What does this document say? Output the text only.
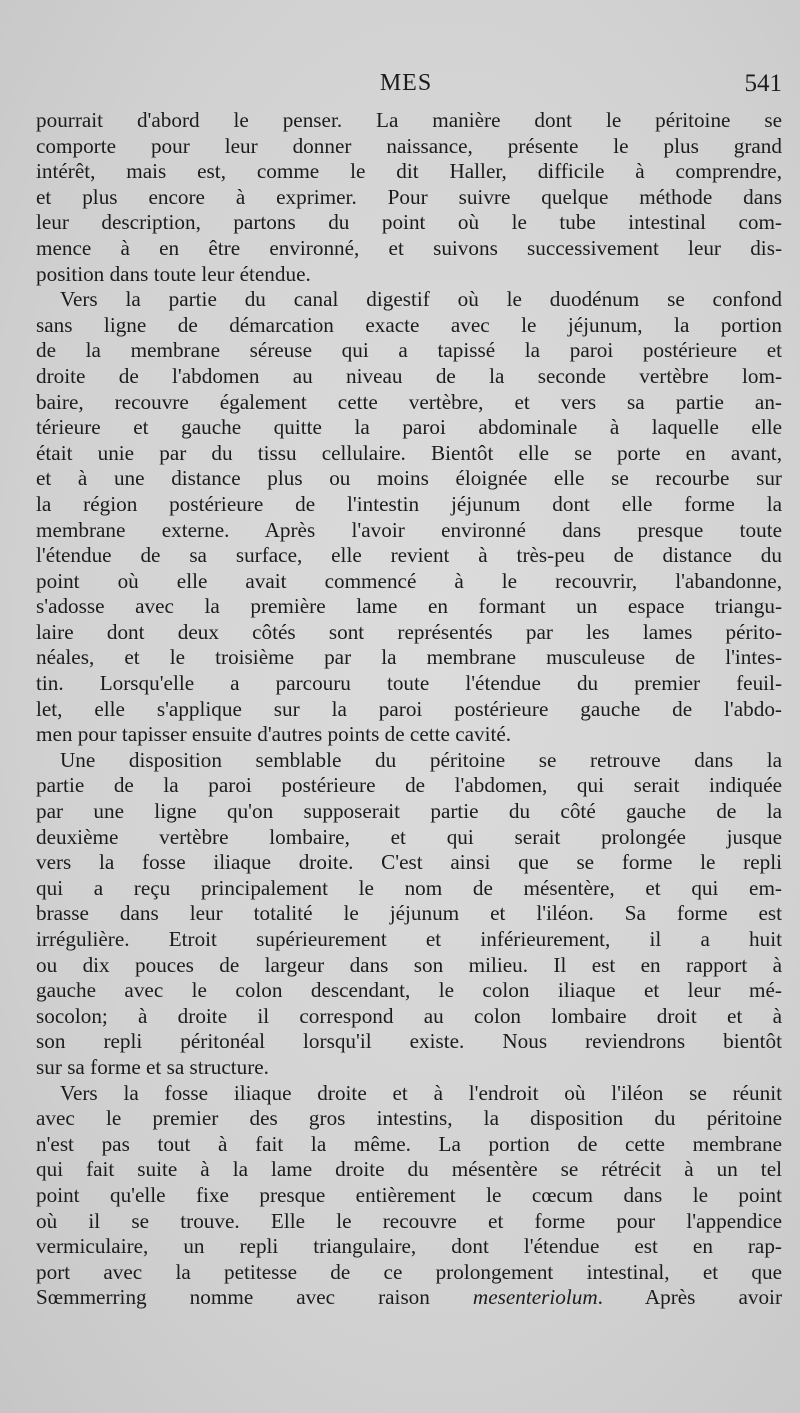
MES	541
pourrait d'abord le penser. La manière dont le péritoine se
comporte pour leur donner naissance, présente le plus grand
intérêt, mais est, comme le dit Haller, difficile à comprendre,
et plus encore à exprimer. Pour suivre quelque méthode dans
leur description, partons du point où le tube intestinal com-
mence à en être environné, et suivons successivement leur dis-
position dans toute leur étendue.
Vers la partie du canal digestif où le duodénum se confond
sans ligne de démarcation exacte avec le jéjunum, la portion
de la membrane séreuse qui a tapissé la paroi postérieure et
droite de l'abdomen au niveau de la seconde vertèbre lom-
baire, recouvre également cette vertèbre, et vers sa partie an-
térieure et gauche quitte la paroi abdominale à laquelle elle
était unie par du tissu cellulaire. Bientôt elle se porte en avant,
et à une distance plus ou moins éloignée elle se recourbe sur
la région postérieure de l'intestin jéjunum dont elle forme la
membrane externe. Après l'avoir environné dans presque toute
l'étendue de sa surface, elle revient à très-peu de distance du
point où elle avait commencé à le recouvrir, l'abandonne,
s'adosse avec la première lame en formant un espace triangu-
laire dont deux côtés sont représentés par les lames périto-
néales, et le troisième par la membrane musculeuse de l'intes-
tin. Lorsqu'elle a parcouru toute l'étendue du premier feuil-
let, elle s'applique sur la paroi postérieure gauche de l'abdo-
men pour tapisser ensuite d'autres points de cette cavité.
Une disposition semblable du péritoine se retrouve dans la
partie de la paroi postérieure de l'abdomen, qui serait indiquée
par une ligne qu'on supposerait partie du côté gauche de la
deuxième vertèbre lombaire, et qui serait prolongée jusque
vers la fosse iliaque droite. C'est ainsi que se forme le repli
qui a reçu principalement le nom de mésentère, et qui em-
brasse dans leur totalité le jéjunum et l'iléon. Sa forme est
irrégulière. Etroit supérieurement et inférieurement, il a huit
ou dix pouces de largeur dans son milieu. Il est en rapport à
gauche avec le colon descendant, le colon iliaque et leur mé-
socolon; à droite il correspond au colon lombaire droit et à
son repli péritonéal lorsqu'il existe. Nous reviendrons bientôt
sur sa forme et sa structure.
Vers la fosse iliaque droite et à l'endroit où l'iléon se réunit
avec le premier des gros intestins, la disposition du péritoine
n'est pas tout à fait la même. La portion de cette membrane
qui fait suite à la lame droite du mésentère se rétrécit à un tel
point qu'elle fixe presque entièrement le cœcum dans le point
où il se trouve. Elle le recouvre et forme pour l'appendice
vermiculaire, un repli triangulaire, dont l'étendue est en rap-
port avec la petitesse de ce prolongement intestinal, et que
Sœmmerring nomme avec raison mesenteriolum. Après avoir
